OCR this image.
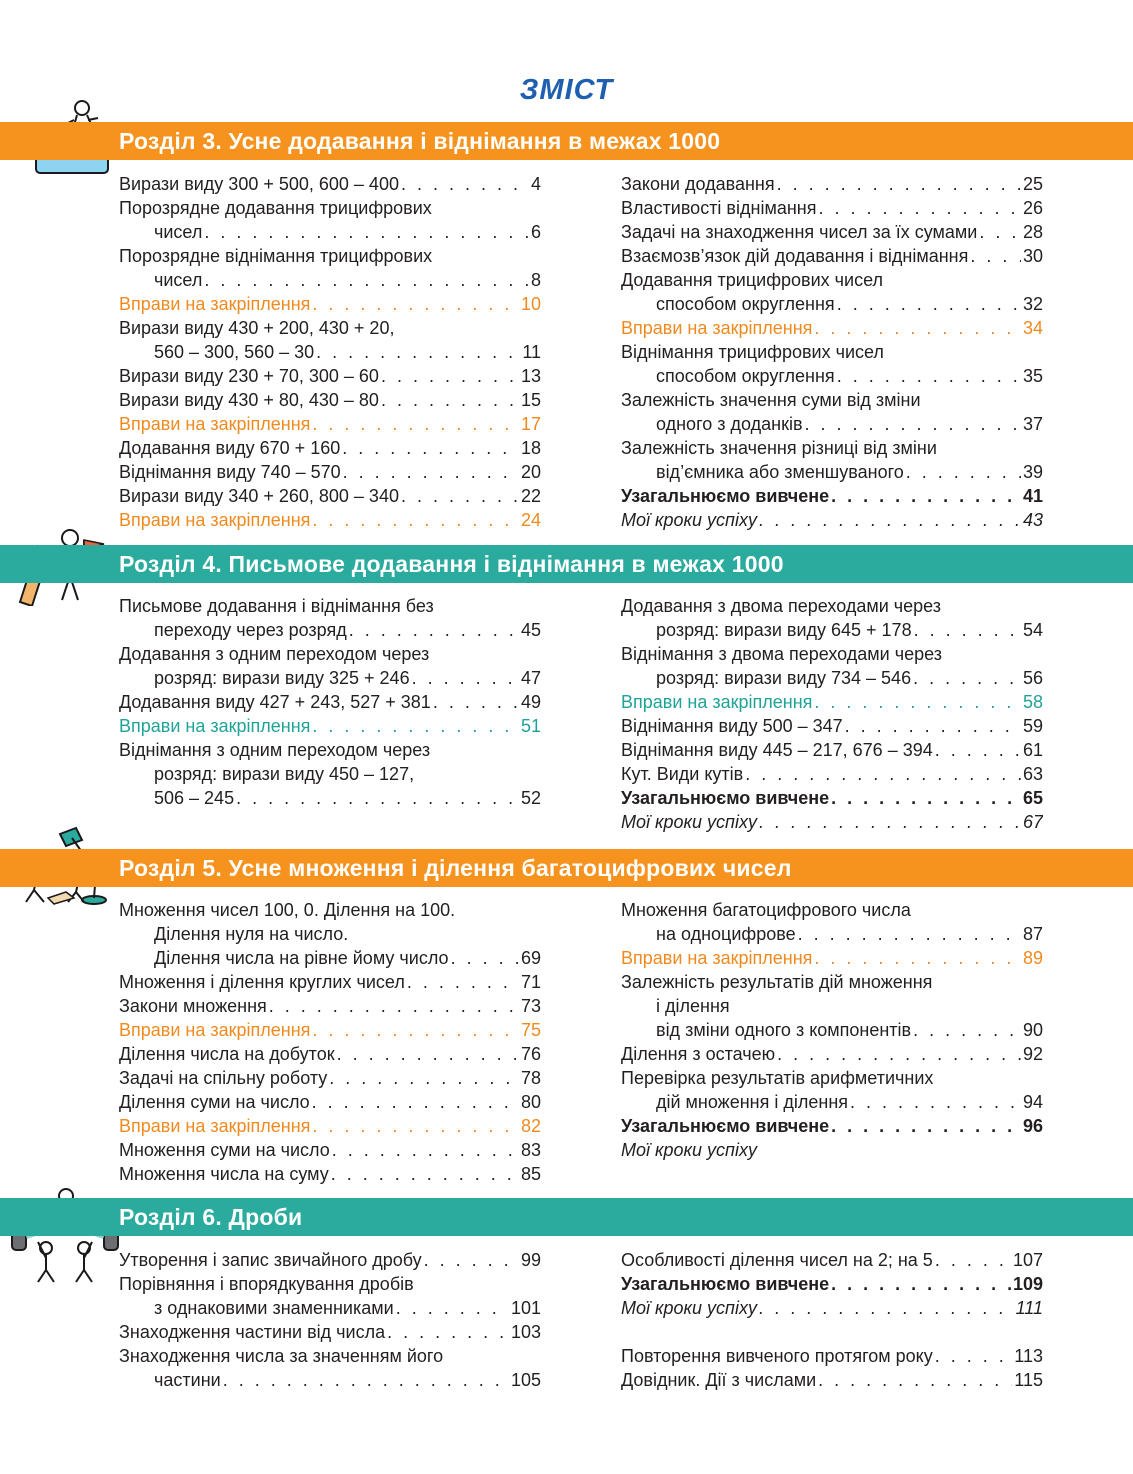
ЗМІСТ
Розділ 3. Усне додавання і віднімання в межах 1000
Вирази виду 300 + 500, 600 – 400 . . .	4
Порозрядне додавання трицифрових
чисел . . .	6
Порозрядне віднімання трицифрових
чисел . . .	8
Вправи на закріплення . . .	10
Вирази виду 430 + 200, 430 + 20,
560 – 300, 560 – 30 . . .	11
Вирази виду 230 + 70, 300 – 60 . . .	13
Вирази виду 430 + 80, 430 – 80 . . .	15
Вправи на закріплення . . .	17
Додавання виду 670 + 160 . . .	18
Віднімання виду 740 – 570 . . .	20
Вирази виду 340 + 260, 800 – 340 . . .	22
Вправи на закріплення . . .	24
Закони додавання . . .	25
Властивості віднімання . . .	26
Задачі на знаходження чисел за їх сумами . . .	28
Взаємозв’язок дій додавання і віднімання . . .	30
Додавання трицифрових чисел
способом округлення . . .	32
Вправи на закріплення . . .	34
Віднімання трицифрових чисел
способом округлення . . .	35
Залежність значення суми від зміни
одного з доданків . . .	37
Залежність значення різниці від зміни
від’ємника або зменшуваного . . .	39
Узагальнюємо вивчене . . .	41
Мої кроки успіху . . .	43
Розділ 4. Письмове додавання і віднімання в межах 1000
Письмове додавання і віднімання без
переходу через розряд . . .	45
Додавання з одним переходом через
розряд: вирази виду 325 + 246 . . .	47
Додавання виду 427 + 243, 527 + 381 . . .	49
Вправи на закріплення . . .	51
Віднімання з одним переходом через
розряд: вирази виду 450 – 127,
506 – 245 . . .	52
Додавання з двома переходами через
розряд: вирази виду 645 + 178 . . .	54
Віднімання з двома переходами через
розряд: вирази виду 734 – 546 . . .	56
Вправи на закріплення . . .	58
Віднімання виду 500 – 347 . . .	59
Віднімання виду 445 – 217, 676 – 394 . . .	61
Кут. Види кутів . . .	63
Узагальнюємо вивчене . . .	65
Мої кроки успіху . . .	67
Розділ 5. Усне множення і ділення багатоцифрових чисел
Множення чисел 100, 0. Ділення на 100.
Ділення нуля на число.
Ділення числа на рівне йому число . . .	69
Множення і ділення круглих чисел . . .	71
Закони множення . . .	73
Вправи на закріплення . . .	75
Ділення числа на добуток . . .	76
Задачі на спільну роботу . . .	78
Ділення суми на число . . .	80
Вправи на закріплення . . .	82
Множення суми на число . . .	83
Множення числа на суму . . .	85
Множення багатоцифрового числа
на одноцифрове . . .	87
Вправи на закріплення . . .	89
Залежність результатів дій множення
і ділення
від зміни одного з компонентів . . .	90
Ділення з остачею . . .	92
Перевірка результатів арифметичних
дій множення і ділення . . .	94
Узагальнюємо вивчене . . .	96
Мої кроки успіху
Розділ 6. Дроби
Утворення і запис звичайного дробу . . .	99
Порівняння і впорядкування дробів
з однаковими знаменниками . . .	101
Знаходження частини від числа . . .	103
Знаходження числа за значенням його
частини . . .	105
Особливості ділення чисел на 2; на 5 . . .	107
Узагальнюємо вивчене . . .	109
Мої кроки успіху . . .	111
Повторення вивченого протягом року . . .	113
Довідник. Дії з числами . . .	115
